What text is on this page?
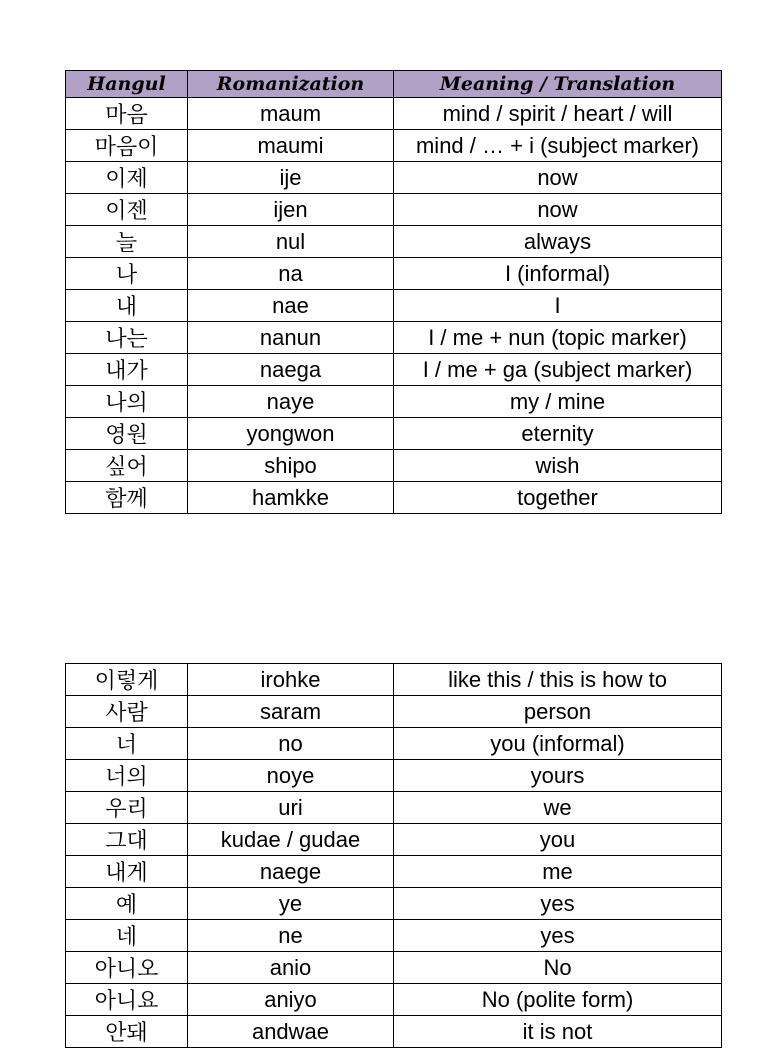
Hangul	Romanization	Meaning / Translation
마음	maum	mind / spirit / heart / will
마음이	maumi	mind / … + i (subject marker)
이제	ije	now
이젠	ijen	now
늘	nul	always
나	na	I (informal)
내	nae	I
나는	nanun	I / me + nun (topic marker)
내가	naega	I / me + ga (subject marker)
나의	naye	my / mine
영원	yongwon	eternity
싶어	shipo	wish
함께	hamkke	together
이렇게	irohke	like this / this is how to
사람	saram	person
너	no	you (informal)
너의	noye	yours
우리	uri	we
그대	kudae / gudae	you
내게	naege	me
예	ye	yes
네	ne	yes
아니오	anio	No
아니요	aniyo	No (polite form)
안돼	andwae	it is not
